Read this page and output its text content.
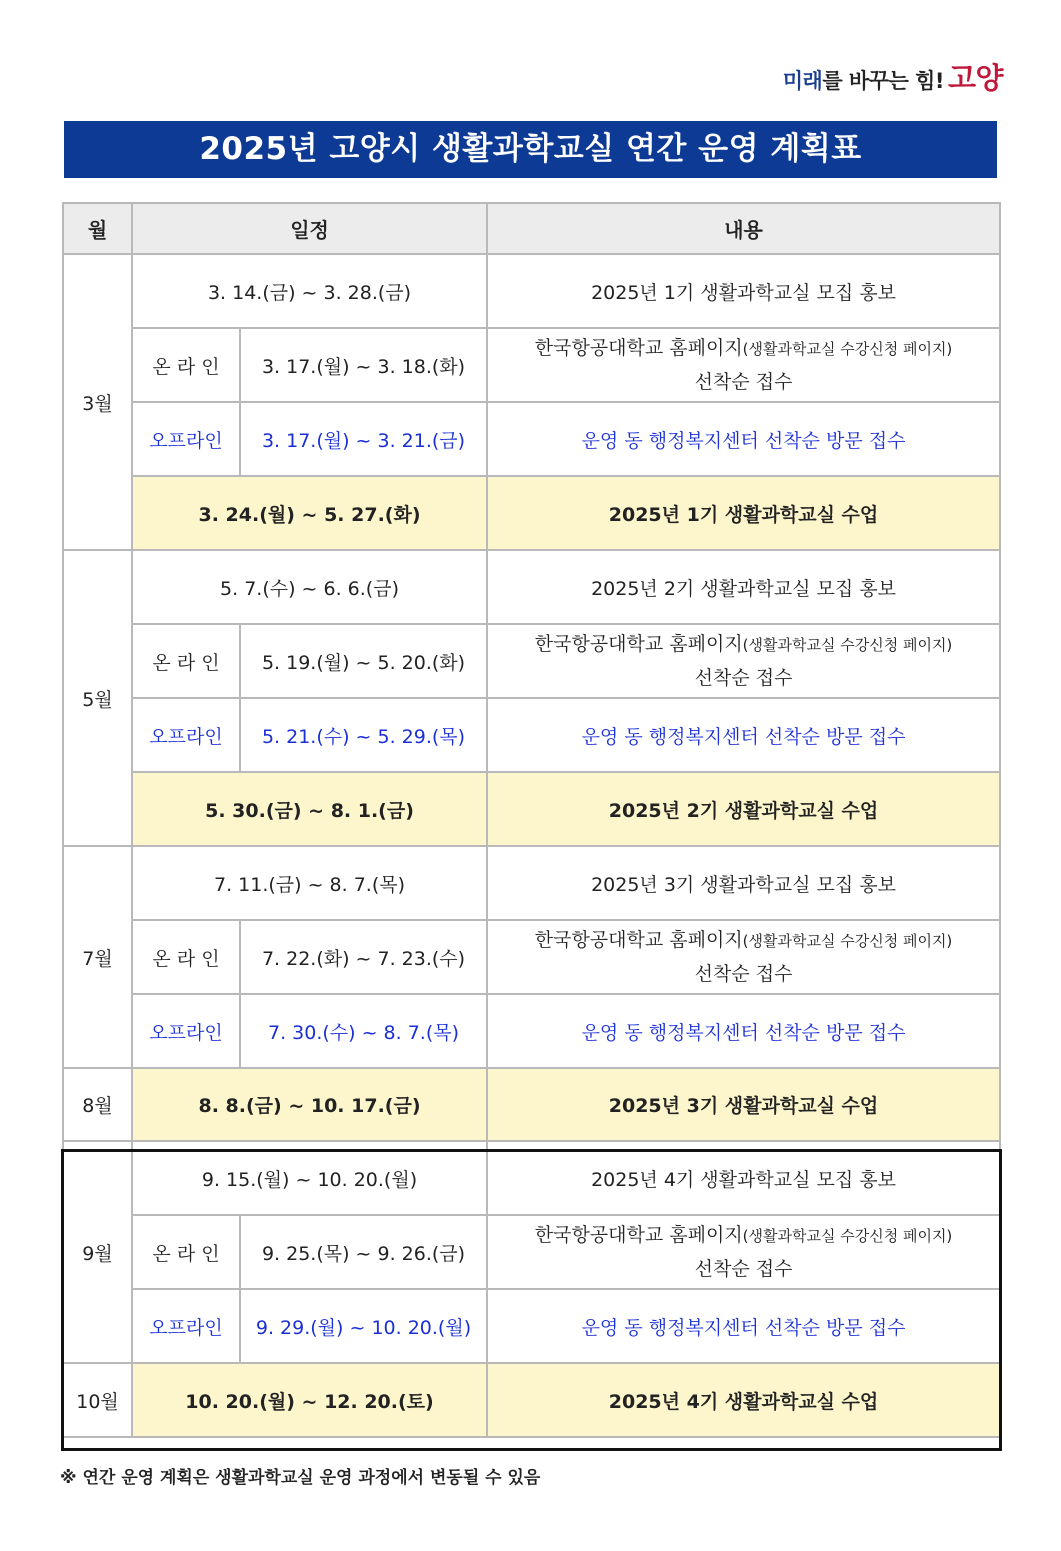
미래를 바꾸는 힘! 고양
2025년 고양시 생활과학교실 연간 운영 계획표
월	일정		내용
3월	3. 14.(금) ~ 3. 28.(금)		2025년 1기 생활과학교실 모집 홍보
	온 라 인	3. 17.(월) ~ 3. 18.(화)	한국항공대학교 홈페이지(생활과학교실 수강신청 페이지)
선착순 접수
	오프라인	3. 17.(월) ~ 3. 21.(금)	운영 동 행정복지센터 선착순 방문 접수
	3. 24.(월) ~ 5. 27.(화)		2025년 1기 생활과학교실 수업
5월	5. 7.(수) ~ 6. 6.(금)		2025년 2기 생활과학교실 모집 홍보
	온 라 인	5. 19.(월) ~ 5. 20.(화)	한국항공대학교 홈페이지(생활과학교실 수강신청 페이지)
선착순 접수
	오프라인	5. 21.(수) ~ 5. 29.(목)	운영 동 행정복지센터 선착순 방문 접수
	5. 30.(금) ~ 8. 1.(금)		2025년 2기 생활과학교실 수업
7월	7. 11.(금) ~ 8. 7.(목)		2025년 3기 생활과학교실 모집 홍보
	온 라 인	7. 22.(화) ~ 7. 23.(수)	한국항공대학교 홈페이지(생활과학교실 수강신청 페이지)
선착순 접수
	오프라인	7. 30.(수) ~ 8. 7.(목)	운영 동 행정복지센터 선착순 방문 접수
8월	8. 8.(금) ~ 10. 17.(금)		2025년 3기 생활과학교실 수업
9월	9. 15.(월) ~ 10. 20.(월)		2025년 4기 생활과학교실 모집 홍보
	온 라 인	9. 25.(목) ~ 9. 26.(금)	한국항공대학교 홈페이지(생활과학교실 수강신청 페이지)
선착순 접수
	오프라인	9. 29.(월) ~ 10. 20.(월)	운영 동 행정복지센터 선착순 방문 접수
10월	10. 20.(월) ~ 12. 20.(토)		2025년 4기 생활과학교실 수업
※ 연간 운영 계획은 생활과학교실 운영 과정에서 변동될 수 있음
